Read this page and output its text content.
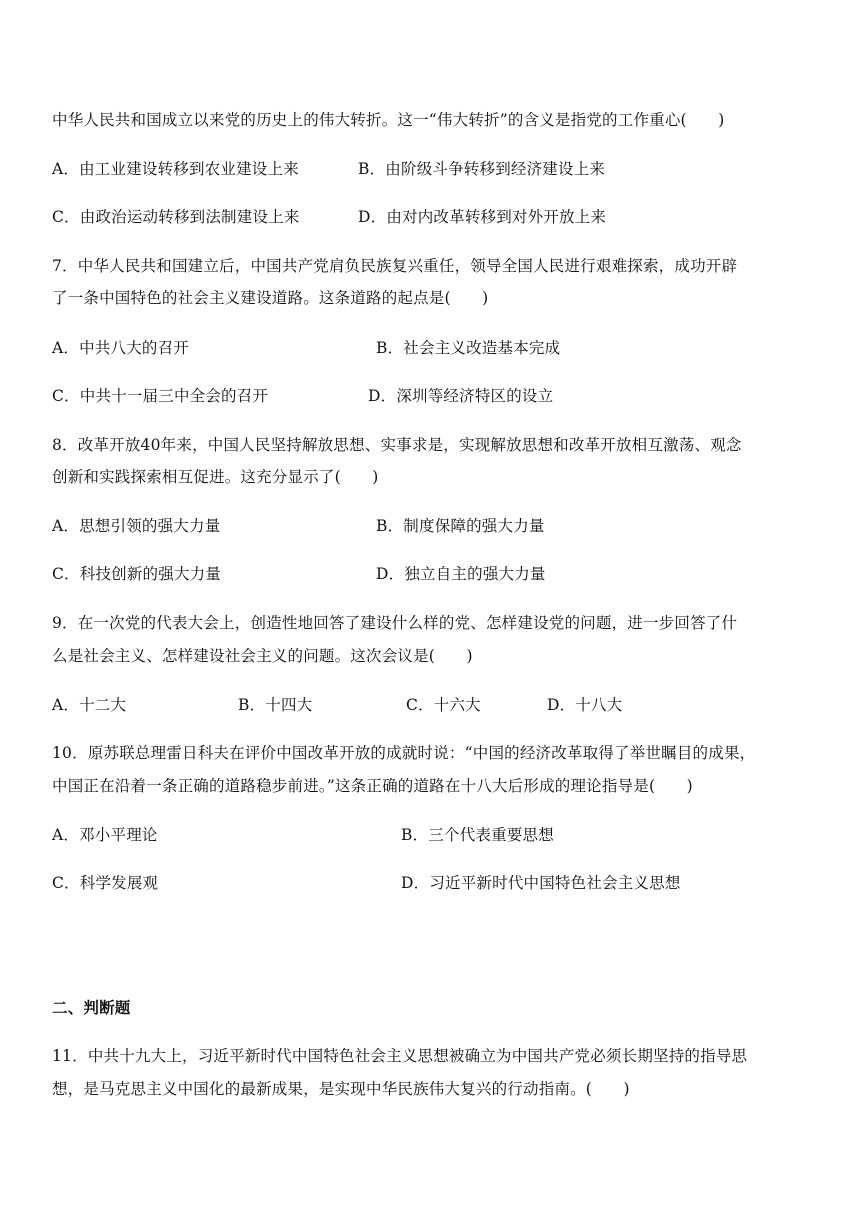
中华人民共和国成立以来党的历史上的伟大转折。这一“伟大转折”的含义是指党的工作重心(　　)
A．由工业建设转移到农业建设上来	B．由阶级斗争转移到经济建设上来
C．由政治运动转移到法制建设上来	D．由对内改革转移到对外开放上来
7．中华人民共和国建立后，中国共产党肩负民族复兴重任，领导全国人民进行艰难探索，成功开辟
了一条中国特色的社会主义建设道路。这条道路的起点是(　　)
A．中共八大的召开	B．社会主义改造基本完成
C．中共十一届三中全会的召开	D．深圳等经济特区的设立
8．改革开放40年来，中国人民坚持解放思想、实事求是，实现解放思想和改革开放相互激荡、观念
创新和实践探索相互促进。这充分显示了(　　)
A．思想引领的强大力量	B．制度保障的强大力量
C．科技创新的强大力量	D．独立自主的强大力量
9．在一次党的代表大会上，创造性地回答了建设什么样的党、怎样建设党的问题，进一步回答了什
么是社会主义、怎样建设社会主义的问题。这次会议是(　　)
A．十二大	B．十四大	C．十六大	D．十八大
10．原苏联总理雷日科夫在评价中国改革开放的成就时说：“中国的经济改革取得了举世瞩目的成果，
中国正在沿着一条正确的道路稳步前进。”这条正确的道路在十八大后形成的理论指导是(　　)
A．邓小平理论	B．三个代表重要思想
C．科学发展观	D．习近平新时代中国特色社会主义思想
二、判断题
11．中共十九大上，习近平新时代中国特色社会主义思想被确立为中国共产党必须长期坚持的指导思
想，是马克思主义中国化的最新成果，是实现中华民族伟大复兴的行动指南。(　　)
